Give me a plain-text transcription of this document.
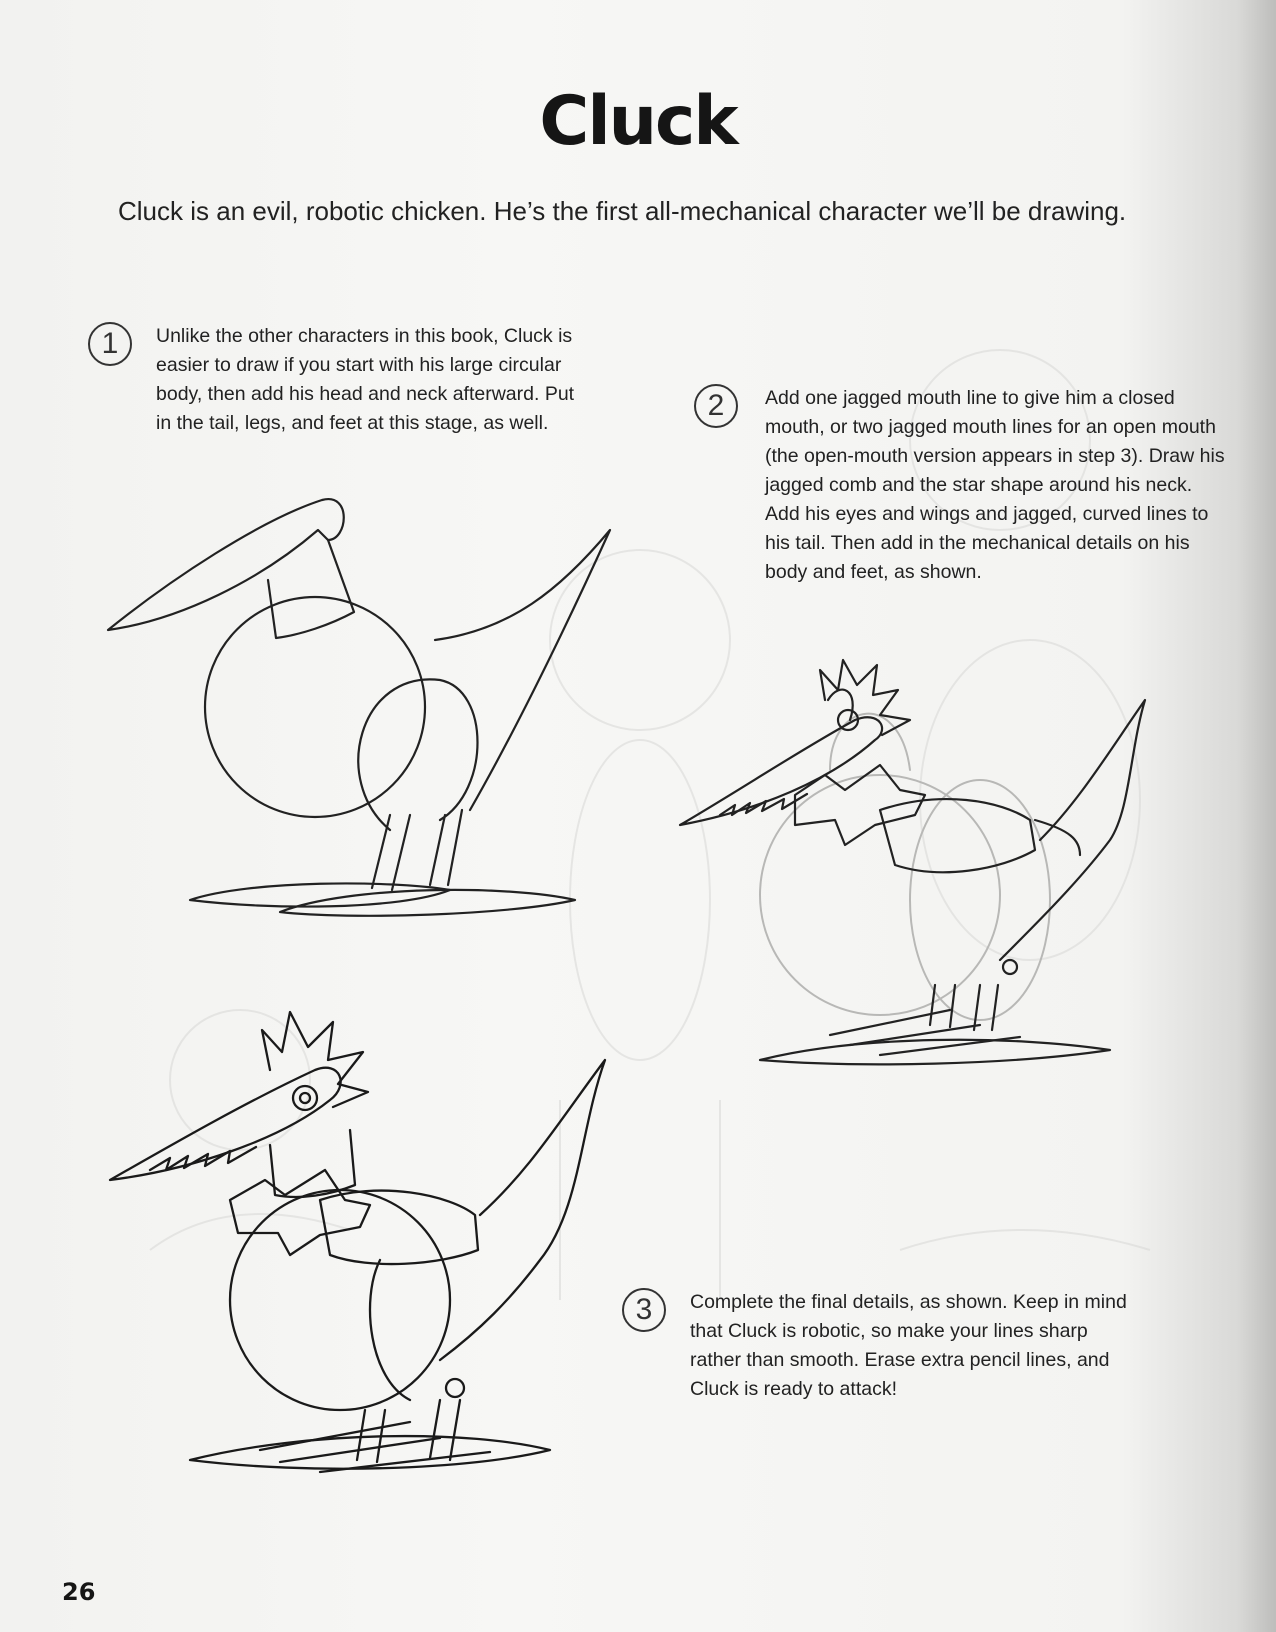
Cluck
Cluck is an evil, robotic chicken. He’s the first all-mechanical character we’ll be drawing.
1	Unlike the other characters in this book, Cluck is easier to draw if you start with his large circular body, then add his head and neck afterward. Put in the tail, legs, and feet at this stage, as well.
2	Add one jagged mouth line to give him a closed mouth, or two jagged mouth lines for an open mouth (the open-mouth version appears in step 3). Draw his jagged comb and the star shape around his neck. Add his eyes and wings and jagged, curved lines to his tail. Then add in the mechanical details on his body and feet, as shown.
3	Complete the final details, as shown. Keep in mind that Cluck is robotic, so make your lines sharp rather than smooth. Erase extra pencil lines, and Cluck is ready to attack!
26
